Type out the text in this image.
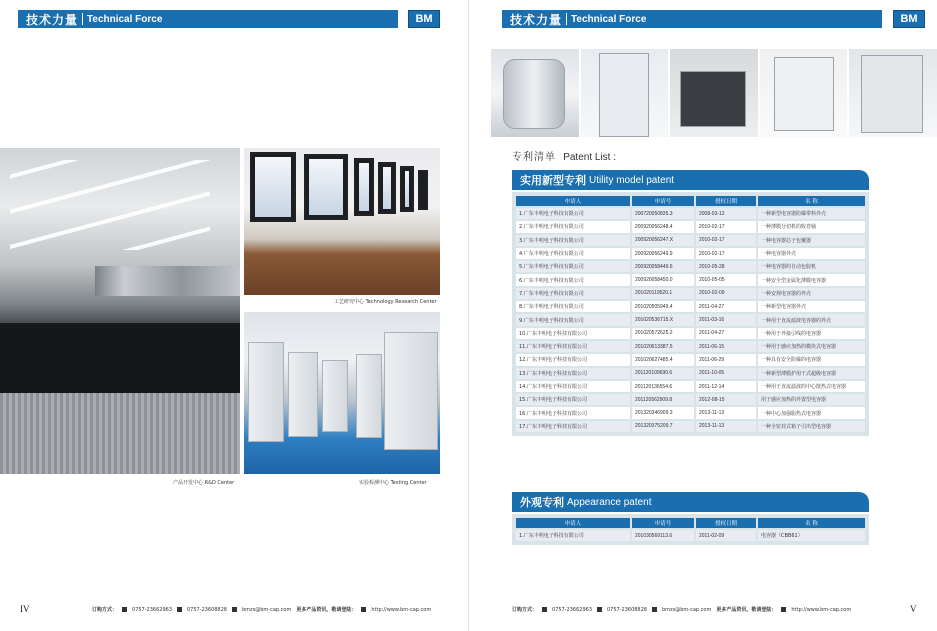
技术力量 Technical Force	BM
工艺研究中心 Technology Research Center
产品开发中心 R&D Center	实验检测中心 Testing Center
IV	订购方式：	0757-23662963	0757-23608828	bmzs@bm-cap.com 更多产品资讯，敬请登陆：	http://www.bm-cap.com
技术力量 Technical Force	BM
专利清单 Patent List :
实用新型专利 Utility model patent
申请人	申请号	授权日期	名 称
1.广东丰明电子科技有限公司	200720050835.3	2008-03-12	一种新型电容器防爆带料外壳
2.广东丰明电子科技有限公司	200920056248.4	2010-02-17	一种薄膜分切机的收卷轴
3.广东丰明电子科技有限公司	200920056247.X	2010-02-17	一种电容器芯子包覆器
4.广东丰明电子科技有限公司	200920056249.9	2010-02-17	一种电容器外壳
5.广东丰明电子科技有限公司	200920058449.6	2010-05-28	一种电容器的自动包胶机
6.广东丰明电子科技有限公司	200920058450.0	2010-05-05	一种安全型金属化薄膜电容器
7.广东丰明电子科技有限公司	201020119520.1	2010-02-09	一种安规电容器的外壳
8.广东丰明电子科技有限公司	201020505949.4	2011-04-27	一种新型电容器外壳
9.广东丰明电子科技有限公司	201020536715.X	2011-03-16	一种用于直流滤波电容器的外壳
10.广东丰明电子科技有限公司	201020572625.2	2011-04-27	一种用于外接引线的电容器
11.广东丰明电子科技有限公司	201020613387.5	2011-06-15	一种用于感应加热的模块式电容器
12.广东丰明电子科技有限公司	201020627485.4	2011-06-29	一种具有安全防爆的电容器
13.广东丰明电子科技有限公司	201120109690.6	2011-10-05	一种新型薄膜护用干式超级电容器
14.广东丰明电子科技有限公司	201120136554.6	2011-12-14	一种用于直流滤波的中心散热式电容器
15.广东丰明电子科技有限公司	201120562909.8	2012-08-15	用于感应加热的外置型电容器
16.广东丰明电子科技有限公司	201320346909.3	2013-11-13	一种中心加强脂热式电容器
17.广东丰明电子科技有限公司	201320375209.7	2013-11-13	一种全密封式箱子引出型电容器
外观专利 Appearance patent
申请人	申请号	授权日期	名 称
1.广东丰明电子科技有限公司	201030569113.6	2011-02-09	电容器（CBB61）
订购方式：	0757-23662963	0757-23608828	bmzs@bm-cap.com 更多产品资讯，敬请登陆：	http://www.bm-cap.com	V
